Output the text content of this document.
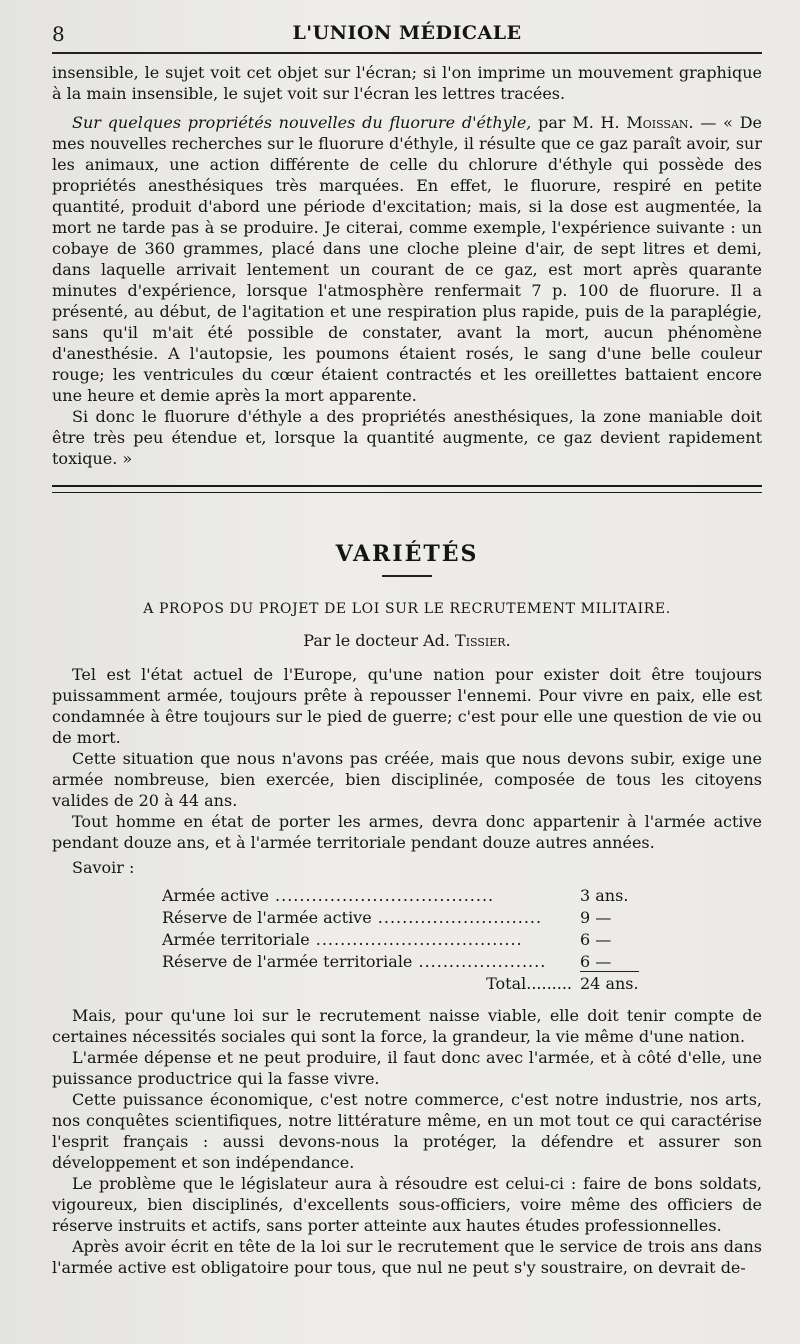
8	L'UNION MÉDICALE

insensible, le sujet voit cet objet sur l'écran; si l'on imprime un mouvement graphique à la main insensible, le sujet voit sur l'écran les lettres tracées.

Sur quelques propriétés nouvelles du fluorure d'éthyle, par M. H. Moissan. — « De mes nouvelles recherches sur le fluorure d'éthyle, il résulte que ce gaz paraît avoir, sur les animaux, une action différente de celle du chlorure d'éthyle qui possède des propriétés anesthésiques très marquées. En effet, le fluorure, respiré en petite quantité, produit d'abord une période d'excitation; mais, si la dose est augmentée, la mort ne tarde pas à se produire. Je citerai, comme exemple, l'expérience suivante : un cobaye de 360 grammes, placé dans une cloche pleine d'air, de sept litres et demi, dans laquelle arrivait lentement un courant de ce gaz, est mort après quarante minutes d'expérience, lorsque l'atmosphère renfermait 7 p. 100 de fluorure. Il a présenté, au début, de l'agitation et une respiration plus rapide, puis de la paraplégie, sans qu'il m'ait été possible de constater, avant la mort, aucun phénomène d'anesthésie. A l'autopsie, les poumons étaient rosés, le sang d'une belle couleur rouge; les ventricules du cœur étaient contractés et les oreillettes battaient encore une heure et demie après la mort apparente.

Si donc le fluorure d'éthyle a des propriétés anesthésiques, la zone maniable doit être très peu étendue et, lorsque la quantité augmente, ce gaz devient rapidement toxique. »

VARIÉTÉS
A PROPOS DU PROJET DE LOI SUR LE RECRUTEMENT MILITAIRE.
Par le docteur Ad. Tissier.

Tel est l'état actuel de l'Europe, qu'une nation pour exister doit être toujours puissamment armée, toujours prête à repousser l'ennemi. Pour vivre en paix, elle est condamnée à être toujours sur le pied de guerre; c'est pour elle une question de vie ou de mort.

Cette situation que nous n'avons pas créée, mais que nous devons subir, exige une armée nombreuse, bien exercée, bien disciplinée, composée de tous les citoyens valides de 20 à 44 ans.

Tout homme en état de porter les armes, devra donc appartenir à l'armée active pendant douze ans, et à l'armée territoriale pendant douze autres années.

Savoir :
Armée active ....................................	3 ans.
Réserve de l'armée active ...........................	9 —
Armée territoriale ..................................	6 —
Réserve de l'armée territoriale .....................	6 —
Total.........	24 ans.

Mais, pour qu'une loi sur le recrutement naisse viable, elle doit tenir compte de certaines nécessités sociales qui sont la force, la grandeur, la vie même d'une nation.

L'armée dépense et ne peut produire, il faut donc avec l'armée, et à côté d'elle, une puissance productrice qui la fasse vivre.

Cette puissance économique, c'est notre commerce, c'est notre industrie, nos arts, nos conquêtes scientifiques, notre littérature même, en un mot tout ce qui caractérise l'esprit français : aussi devons-nous la protéger, la défendre et assurer son développement et son indépendance.

Le problème que le législateur aura à résoudre est celui-ci : faire de bons soldats, vigoureux, bien disciplinés, d'excellents sous-officiers, voire même des officiers de réserve instruits et actifs, sans porter atteinte aux hautes études professionnelles.

Après avoir écrit en tête de la loi sur le recrutement que le service de trois ans dans l'armée active est obligatoire pour tous, que nul ne peut s'y soustraire, on devrait de-
